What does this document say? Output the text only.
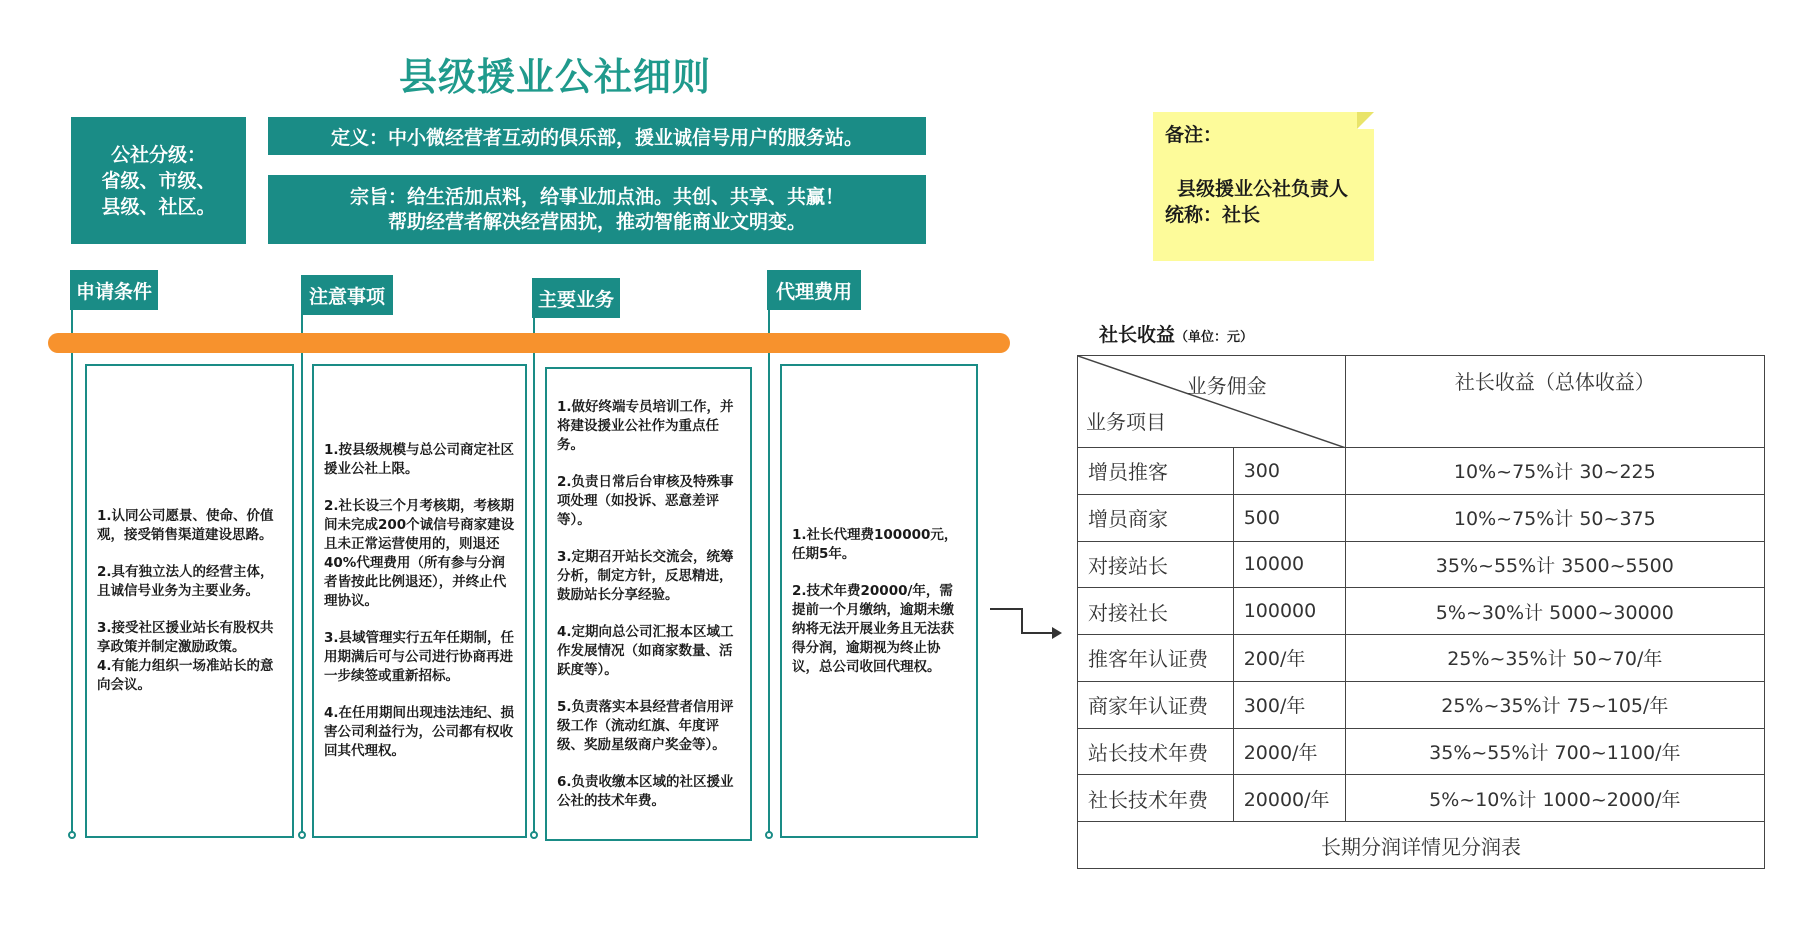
县级援业公社细则
公社分级：
省级、市级、
县级、社区。
定义：中小微经营者互动的俱乐部，援业诚信号用户的服务站。
宗旨：给生活加点料，给事业加点油。共创、共享、共赢！
帮助经营者解决经营困扰，推动智能商业文明变。
申请条件	注意事项	主要业务	代理费用

1.认同公司愿景、使命、价值观，接受销售渠道建设思路。

2.具有独立法人的经营主体，且诚信号业务为主要业务。

3.接受社区援业站长有股权共享政策并制定激励政策。

4.有能力组织一场准站长的意向会议。

1.按县级规模与总公司商定社区援业公社上限。

2.社长设三个月考核期，考核期间未完成200个诚信号商家建设且未正常运营使用的，则退还40%代理费用（所有参与分润者皆按此比例退还），并终止代理协议。

3.县域管理实行五年任期制，任用期满后可与公司进行协商再进一步续签或重新招标。

4.在任用期间出现违法违纪、损害公司利益行为，公司都有权收回其代理权。

1.做好终端专员培训工作，并将建设援业公社作为重点任务。

2.负责日常后台审核及特殊事项处理（如投诉、恶意差评等）。

3.定期召开站长交流会，统筹分析，制定方针，反思精进，鼓励站长分享经验。

4.定期向总公司汇报本区域工作发展情况（如商家数量、活跃度等）。

5.负责落实本县经营者信用评级工作（流动红旗、年度评级、奖励星级商户奖金等）。

6.负责收缴本区域的社区援业公社的技术年费。

1.社长代理费100000元，任期5年。

2.技术年费20000/年，需提前一个月缴纳，逾期未缴纳将无法开展业务且无法获得分润，逾期视为终止协议，总公司收回代理权。

备注：
县级援业公社负责人
统称：社长
社长收益（单位：元）
业务佣金
业务项目		社长收益（总体收益）
增员推客	300	10%~75%计 30~225
增员商家	500	10%~75%计 50~375
对接站长	10000	35%~55%计 3500~5500
对接社长	100000	5%~30%计 5000~30000
推客年认证费	200/年	25%~35%计 50~70/年
商家年认证费	300/年	25%~35%计 75~105/年
站长技术年费	2000/年	35%~55%计 700~1100/年
社长技术年费	20000/年	5%~10%计 1000~2000/年
长期分润详情见分润表		
